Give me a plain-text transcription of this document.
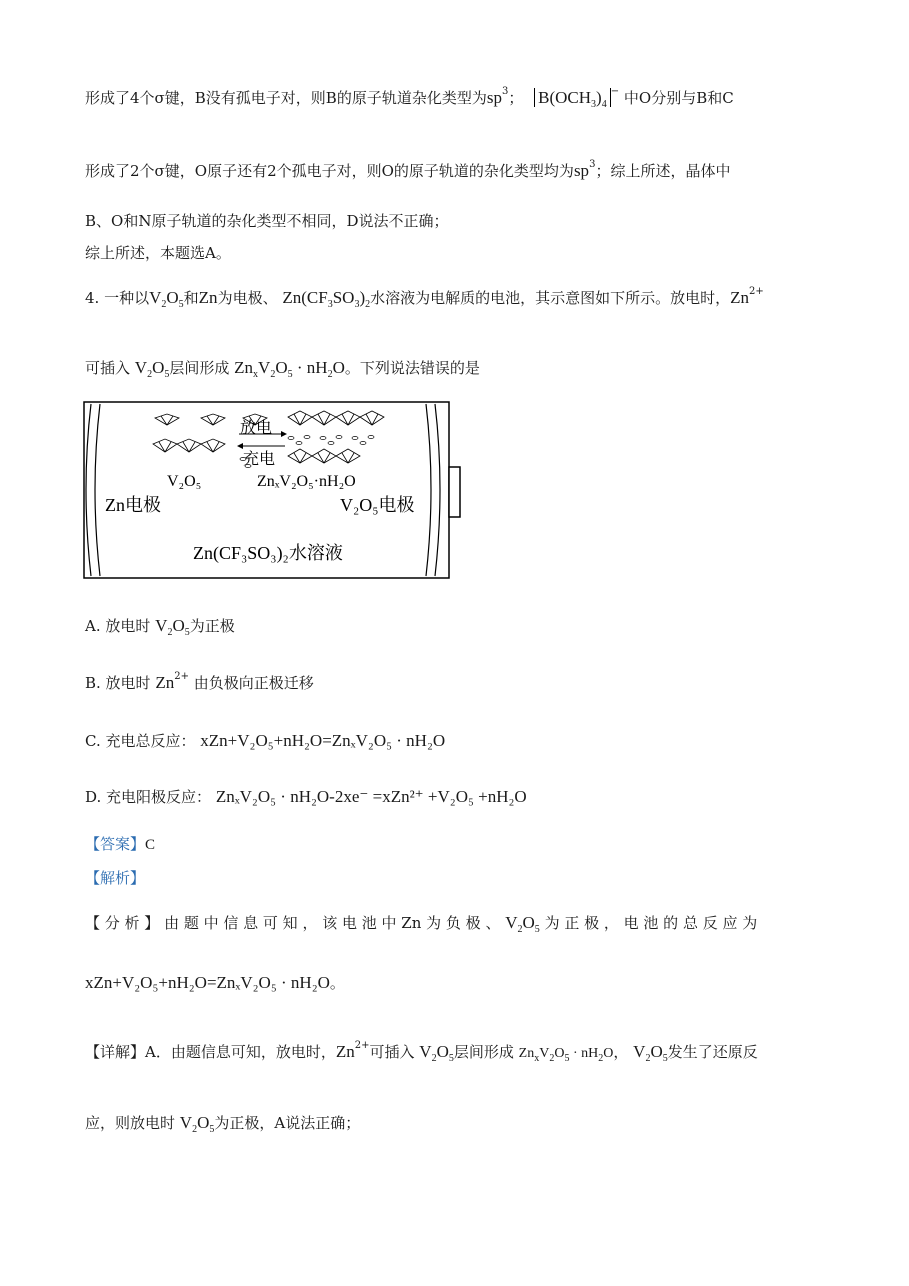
形成了4个σ键，B没有孤电子对，则B的原子轨道杂化类型为$sp^3$； $B(OCH_3)_4^-$ 中O分别与B和C
形成了2个σ键，O原子还有2个孤电子对，则O的原子轨道的杂化类型均为$sp^3$；综上所述，晶体中
B、O和N原子轨道的杂化类型不相同，D说法不正确；
综上所述，本题选A。
4. 一种以$V_2O_5$和Zn为电极、 $Zn(CF_3SO_3)_2$水溶液为电解质的电池，其示意图如下所示。放电时，$Zn^{2+}$
可插入 $V_2O_5$层间形成 $Zn_xV_2O_5 \cdot nH_2O$。下列说法错误的是
放电
充电
V₂O₅	ZnₓV₂O₅·nH₂O
Zn电极	V₂O₅电极
Zn(CF₃SO₃)₂水溶液
A. 放电时 $V_2O_5$为正极
B. 放电时 $Zn^{2+}$ 由负极向正极迁移
C. 充电总反应： xZn+V₂O₅+nH₂O=ZnₓV₂O₅ · nH₂O
D. 充电阳极反应： ZnₓV₂O₅ · nH₂O-2xe⁻ =xZn²⁺ +V₂O₅ +nH₂O
【答案】C
【解析】
【 分 析 】 由 题 中 信 息 可 知 ， 该 电 池 中 Zn 为 负 极 、 $V_2O_5$ 为 正 极 ， 电 池 的 总 反 应 为
xZn+V₂O₅+nH₂O=ZnₓV₂O₅ · nH₂O。
【详解】A．由题信息可知，放电时，$Zn^{2+}$可插入 $V_2O_5$层间形成 $Zn_xV_2O_5 \cdot nH_2O$， $V_2O_5$发生了还原反
应，则放电时 $V_2O_5$为正极，A说法正确；
